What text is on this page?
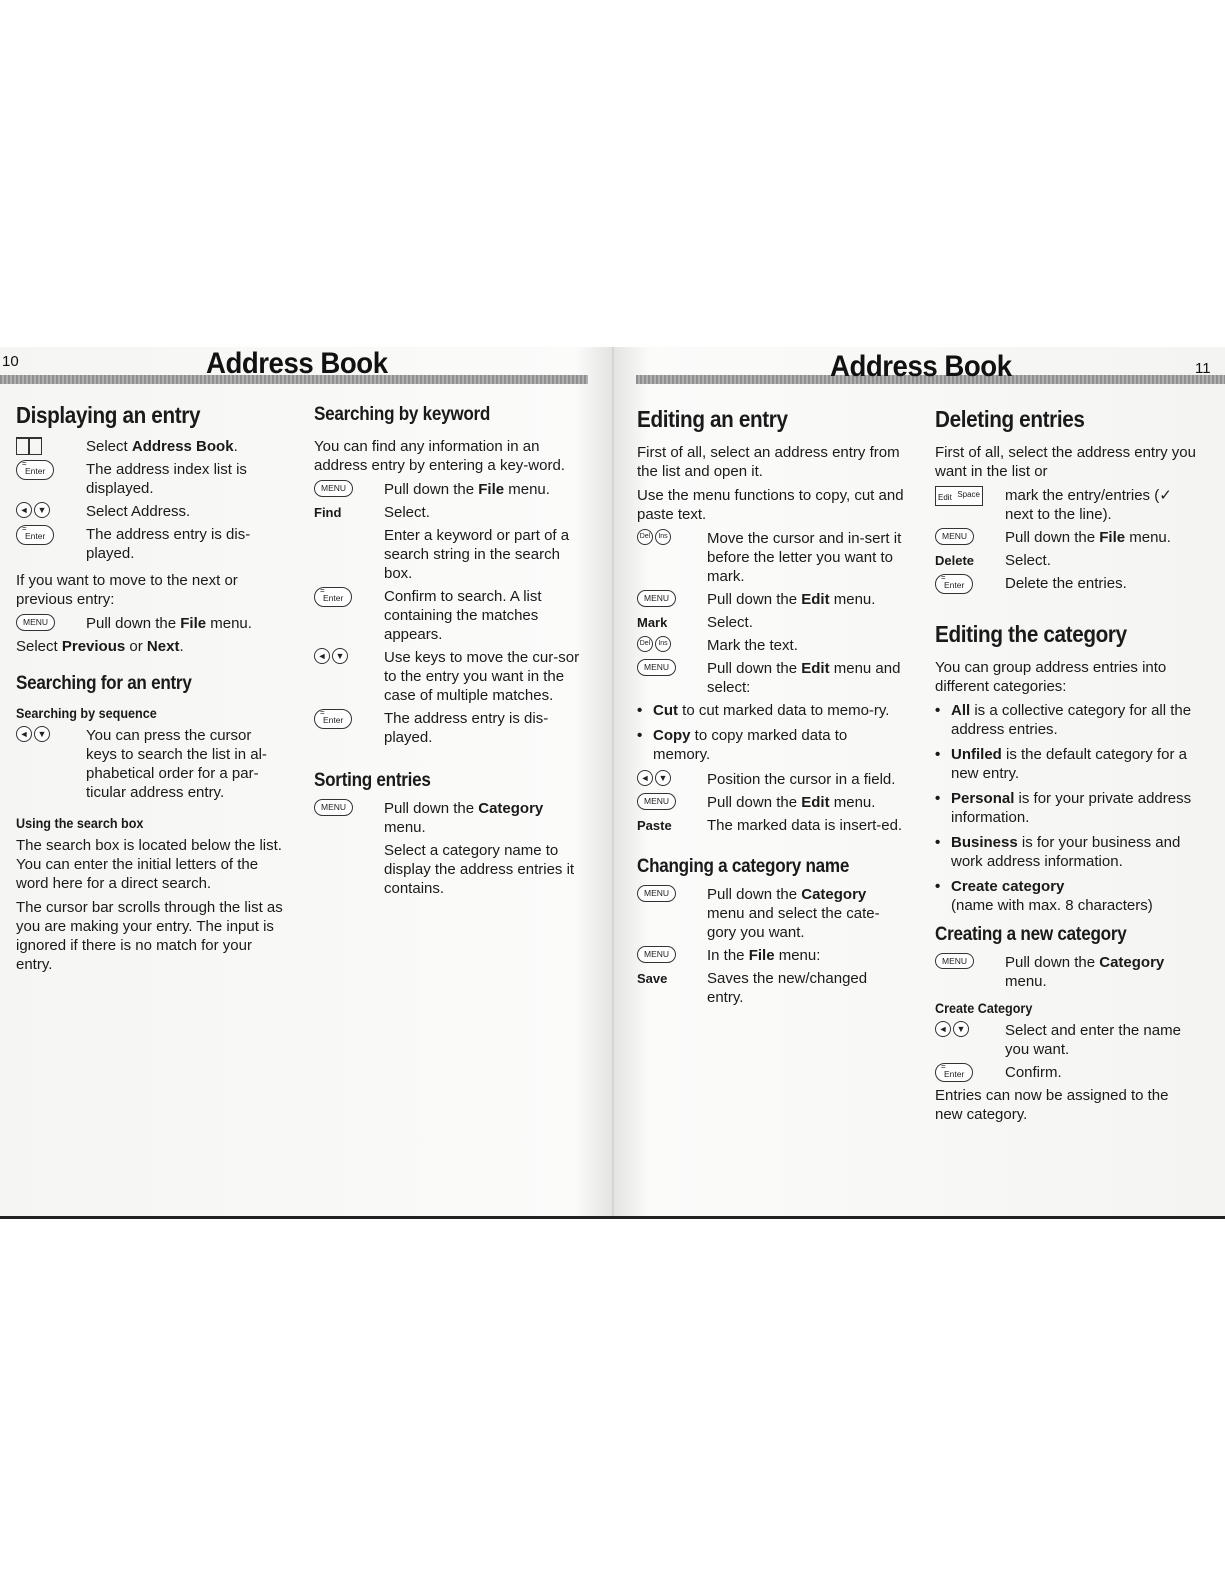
10	Address Book	Address Book	11
Displaying an entry
Select Address Book.
= Enter	The address index list is displayed.
◄	▼	Select Address.
= Enter	The address entry is dis-played.
If you want to move to the next or previous entry:
MENU	Pull down the File menu.
Select Previous or Next.
Searching for an entry
Searching by sequence
◄	▼	You can press the cursor keys to search the list in al-phabetical order for a par-ticular address entry.
Using the search box
The search box is located below the list. You can enter the initial letters of the word here for a direct search.
The cursor bar scrolls through the list as you are making your entry. The input is ignored if there is no match for your entry.
Searching by keyword
You can find any information in an address entry by entering a key-word.
MENU	Pull down the File menu.
Find	Select.
Enter a keyword or part of a search string in the search box.
= Enter	Confirm to search. A list containing the matches appears.
◄	▼	Use keys to move the cur-sor to the entry you want in the case of multiple matches.
= Enter	The address entry is dis-played.
Sorting entries
MENU	Pull down the Category menu.
Select a category name to display the address entries it contains.
Editing an entry
First of all, select an address entry from the list and open it.
Use the menu functions to copy, cut and paste text.
Del	Ins	Move the cursor and in-sert it before the letter you want to mark.
MENU	Pull down the Edit menu.
Mark	Select.
Del	Ins	Mark the text.
MENU	Pull down the Edit menu and select:
• Cut to cut marked data to memo-ry.
• Copy to copy marked data to memory.
◄	▼	Position the cursor in a field.
MENU	Pull down the Edit menu.
Paste	The marked data is insert-ed.
Changing a category name
MENU	Pull down the Category menu and select the cate-gory you want.
MENU	In the File menu:
Save	Saves the new/changed entry.
Deleting entries
First of all, select the address entry you want in the list or
Edit Space mark the entry/entries (✓ next to the line).
MENU	Pull down the File menu.
Delete	Select.
= Enter	Delete the entries.
Editing the category
You can group address entries into different categories:
• All is a collective category for all the address entries.
• Unfiled is the default category for a new entry.
• Personal is for your private address information.
• Business is for your business and work address information.
• Create category
(name with max. 8 characters)
Creating a new category
MENU	Pull down the Category menu.
Create Category
◄	▼	Select and enter the name you want.
= Enter	Confirm.
Entries can now be assigned to the new category.
